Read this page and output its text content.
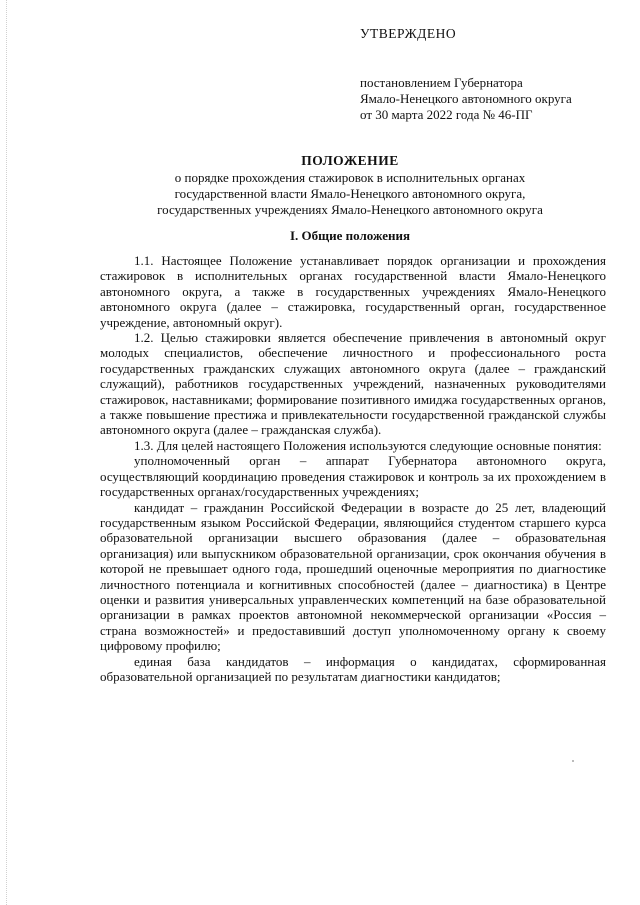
УТВЕРЖДЕНО
постановлением Губернатора
Ямало-Ненецкого автономного округа
от 30 марта 2022 года № 46-ПГ
ПОЛОЖЕНИЕ
о порядке прохождения стажировок в исполнительных органах
государственной власти Ямало-Ненецкого автономного округа,
государственных учреждениях Ямало-Ненецкого автономного округа
I. Общие положения

1.1. Настоящее Положение устанавливает порядок организации и прохождения стажировок в исполнительных органах государственной власти Ямало-Ненецкого автономного округа, а также в государственных учреждениях Ямало-Ненецкого автономного округа (далее – стажировка, государственный орган, государственное учреждение, автономный округ).

1.2. Целью стажировки является обеспечение привлечения в автономный округ молодых специалистов, обеспечение личностного и профессионального роста государственных гражданских служащих автономного округа (далее – гражданский служащий), работников государственных учреждений, назначенных руководителями стажировок, наставниками; формирование позитивного имиджа государственных органов, а также повышение престижа и привлекательности государственной гражданской службы автономного округа (далее – гражданская служба).

1.3. Для целей настоящего Положения используются следующие основные понятия:

уполномоченный орган – аппарат Губернатора автономного округа, осуществляющий координацию проведения стажировок и контроль за их прохождением в государственных органах/государственных учреждениях;

кандидат – гражданин Российской Федерации в возрасте до 25 лет, владеющий государственным языком Российской Федерации, являющийся студентом старшего курса образовательной организации высшего образования (далее – образовательная организация) или выпускником образовательной организации, срок окончания обучения в которой не превышает одного года, прошедший оценочные мероприятия по диагностике личностного потенциала и когнитивных способностей (далее – диагностика) в Центре оценки и развития универсальных управленческих компетенций на базе образовательной организации в рамках проектов автономной некоммерческой организации «Россия – страна возможностей» и предоставивший доступ уполномоченному органу к своему цифровому профилю;

единая база кандидатов – информация о кандидатах, сформированная образовательной организацией по результатам диагностики кандидатов;
